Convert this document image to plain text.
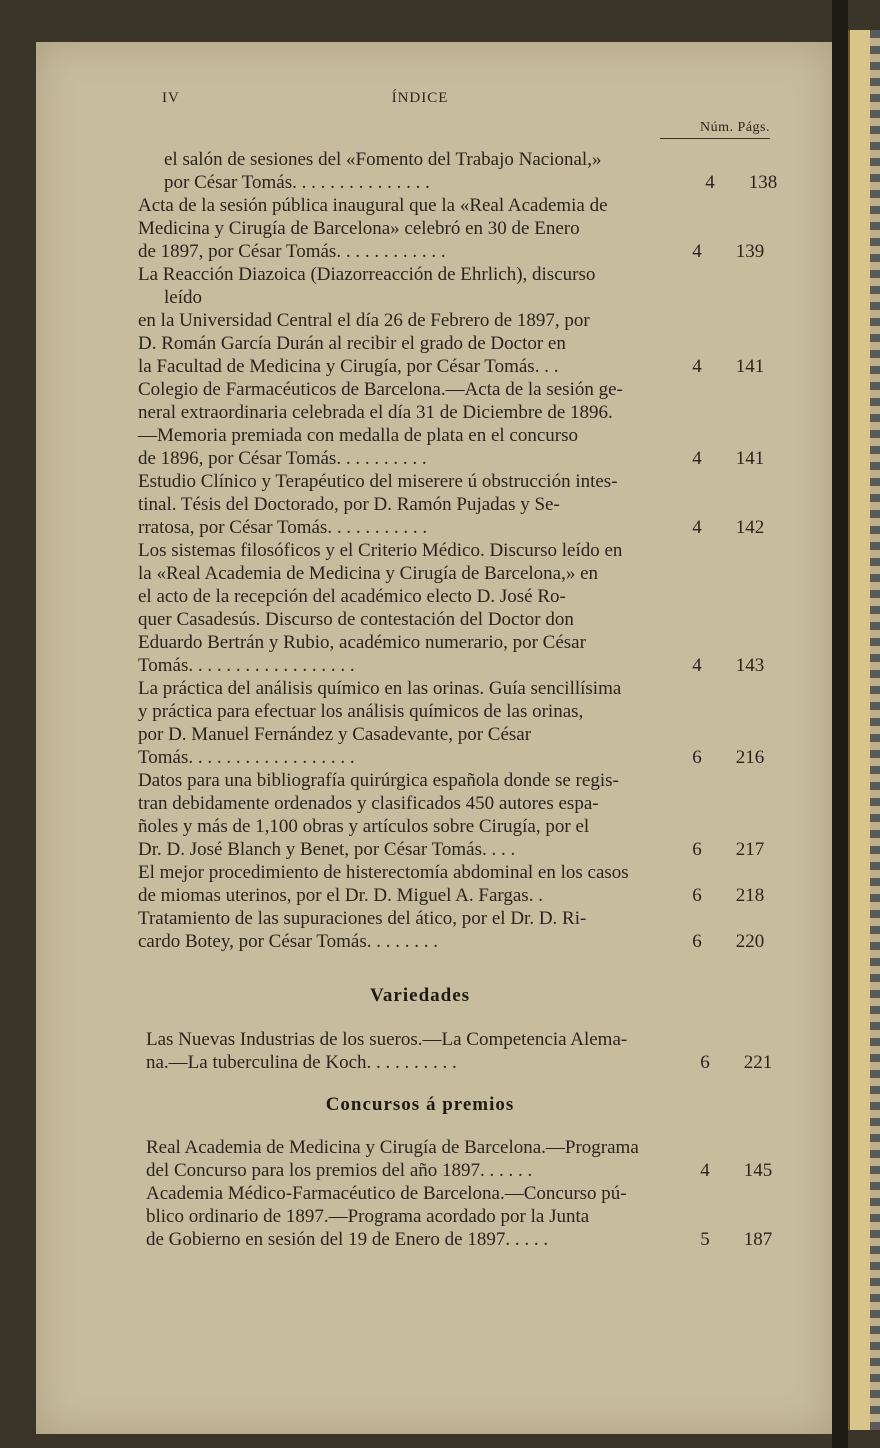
IV	ÍNDICE
Núm. Págs.
el salón de sesiones del «Fomento del Trabajo Nacional,»
por César Tomás. . . . . . . . . . . . . . .	4	138
Acta de la sesión pública inaugural que la «Real Academia de
Medicina y Cirugía de Barcelona» celebró en 30 de Enero
de 1897, por César Tomás. . . . . . . . . . . .	4	139
La Reacción Diazoica (Diazorreacción de Ehrlich), discurso leído
en la Universidad Central el día 26 de Febrero de 1897, por
D. Román García Durán al recibir el grado de Doctor en
la Facultad de Medicina y Cirugía, por César Tomás. . .	4	141
Colegio de Farmacéuticos de Barcelona.—Acta de la sesión ge-
neral extraordinaria celebrada el día 31 de Diciembre de 1896.
—Memoria premiada con medalla de plata en el concurso
de 1896, por César Tomás. . . . . . . . . .	4	141
Estudio Clínico y Terapéutico del miserere ú obstrucción intes-
tinal. Tésis del Doctorado, por D. Ramón Pujadas y Se-
rratosa, por César Tomás. . . . . . . . . . .	4	142
Los sistemas filosóficos y el Criterio Médico. Discurso leído en
la «Real Academia de Medicina y Cirugía de Barcelona,» en
el acto de la recepción del académico electo D. José Ro-
quer Casadesús. Discurso de contestación del Doctor don
Eduardo Bertrán y Rubio, académico numerario, por César
Tomás. . . . . . . . . . . . . . . . . .	4	143
La práctica del análisis químico en las orinas. Guía sencillísima
y práctica para efectuar los análisis químicos de las orinas,
por D. Manuel Fernández y Casadevante, por César
Tomás. . . . . . . . . . . . . . . . . .	6	216
Datos para una bibliografía quirúrgica española donde se regis-
tran debidamente ordenados y clasificados 450 autores espa-
ñoles y más de 1,100 obras y artículos sobre Cirugía, por el
Dr. D. José Blanch y Benet, por César Tomás. . . .	6	217
El mejor procedimiento de histerectomía abdominal en los casos
de miomas uterinos, por el Dr. D. Miguel A. Fargas. .	6	218
Tratamiento de las supuraciones del ático, por el Dr. D. Ri-
cardo Botey, por César Tomás. . . . . . . .	6	220
Variedades
Las Nuevas Industrias de los sueros.—La Competencia Alema-
na.—La tuberculina de Koch. . . . . . . . . .	6	221
Concursos á premios
Real Academia de Medicina y Cirugía de Barcelona.—Programa
del Concurso para los premios del año 1897. . . . . .	4	145
Academia Médico-Farmacéutico de Barcelona.—Concurso pú-
blico ordinario de 1897.—Programa acordado por la Junta
de Gobierno en sesión del 19 de Enero de 1897. . . . .	5	187
